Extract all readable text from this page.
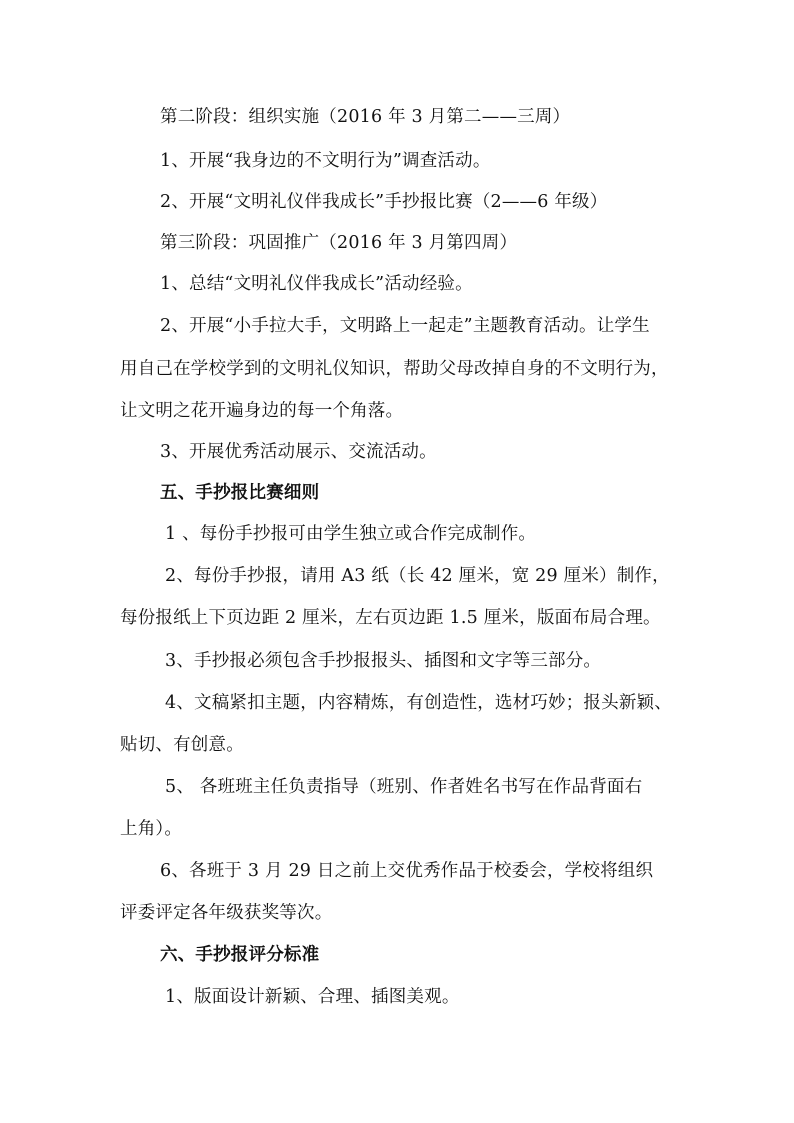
第二阶段：组织实施（2016 年 3 月第二——三周）
1、开展“我身边的不文明行为”调查活动。
2、开展“文明礼仪伴我成长”手抄报比赛（2——6 年级）
第三阶段：巩固推广（2016 年 3 月第四周）
1、总结“文明礼仪伴我成长”活动经验。
2、开展“小手拉大手，文明路上一起走”主题教育活动。让学生
用自己在学校学到的文明礼仪知识，帮助父母改掉自身的不文明行为，
让文明之花开遍身边的每一个角落。
3、开展优秀活动展示、交流活动。
五、手抄报比赛细则
1 、每份手抄报可由学生独立或合作完成制作。
2、每份手抄报，请用 A3 纸（长 42 厘米，宽 29 厘米）制作，
每份报纸上下页边距 2 厘米，左右页边距 1.5 厘米，版面布局合理。
3、手抄报必须包含手抄报报头、插图和文字等三部分。
4、文稿紧扣主题，内容精炼，有创造性，选材巧妙；报头新颖、
贴切、有创意。
5、 各班班主任负责指导（班别、作者姓名书写在作品背面右
上角）。
6、各班于 3 月 29 日之前上交优秀作品于校委会，学校将组织
评委评定各年级获奖等次。
六、手抄报评分标准
1、版面设计新颖、合理、插图美观。
